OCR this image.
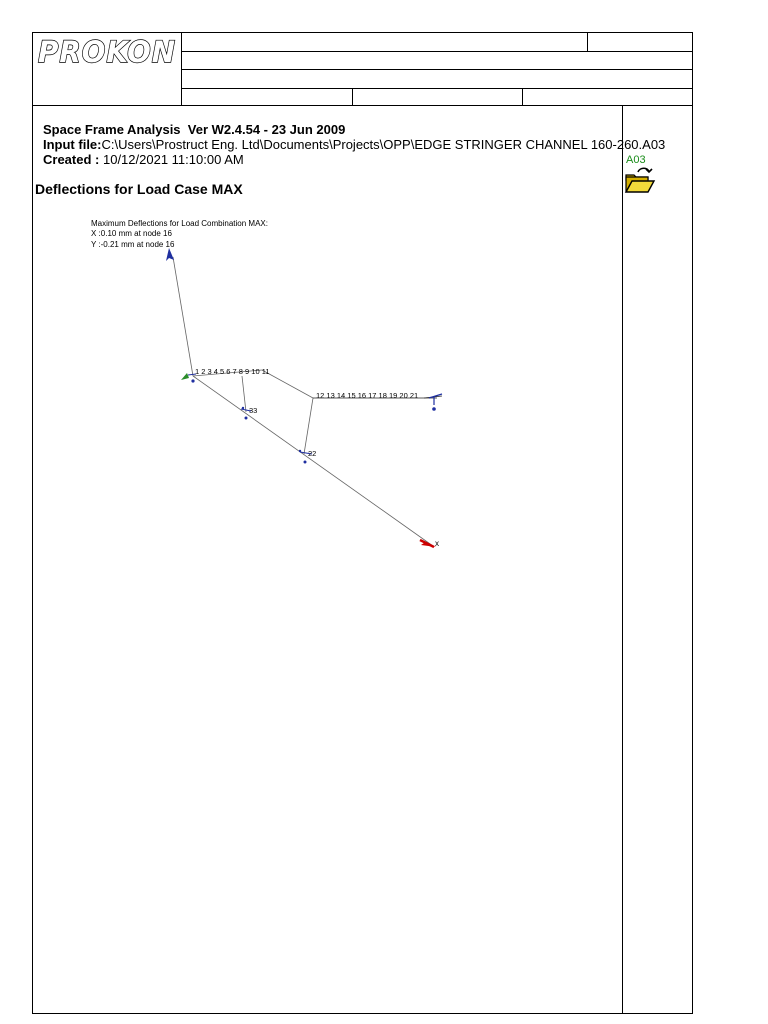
PROKON
Space Frame Analysis Ver W2.4.54 - 23 Jun 2009
Input file:C:\Users\Prostruct Eng. Ltd\Documents\Projects\OPP\EDGE STRINGER CHANNEL 160-260.A03
Created : 10/12/2021 11:10:00 AM
Deflections for Load Case MAX
A03
Maximum Deflections for Load Combination MAX:
X :0.10 mm at node 16
Y :-0.21 mm at node 16
x
1 2 3 4 5 6 7 8 9 10 11
12 13 14 15 16 17 18 19 20 21
33
22
